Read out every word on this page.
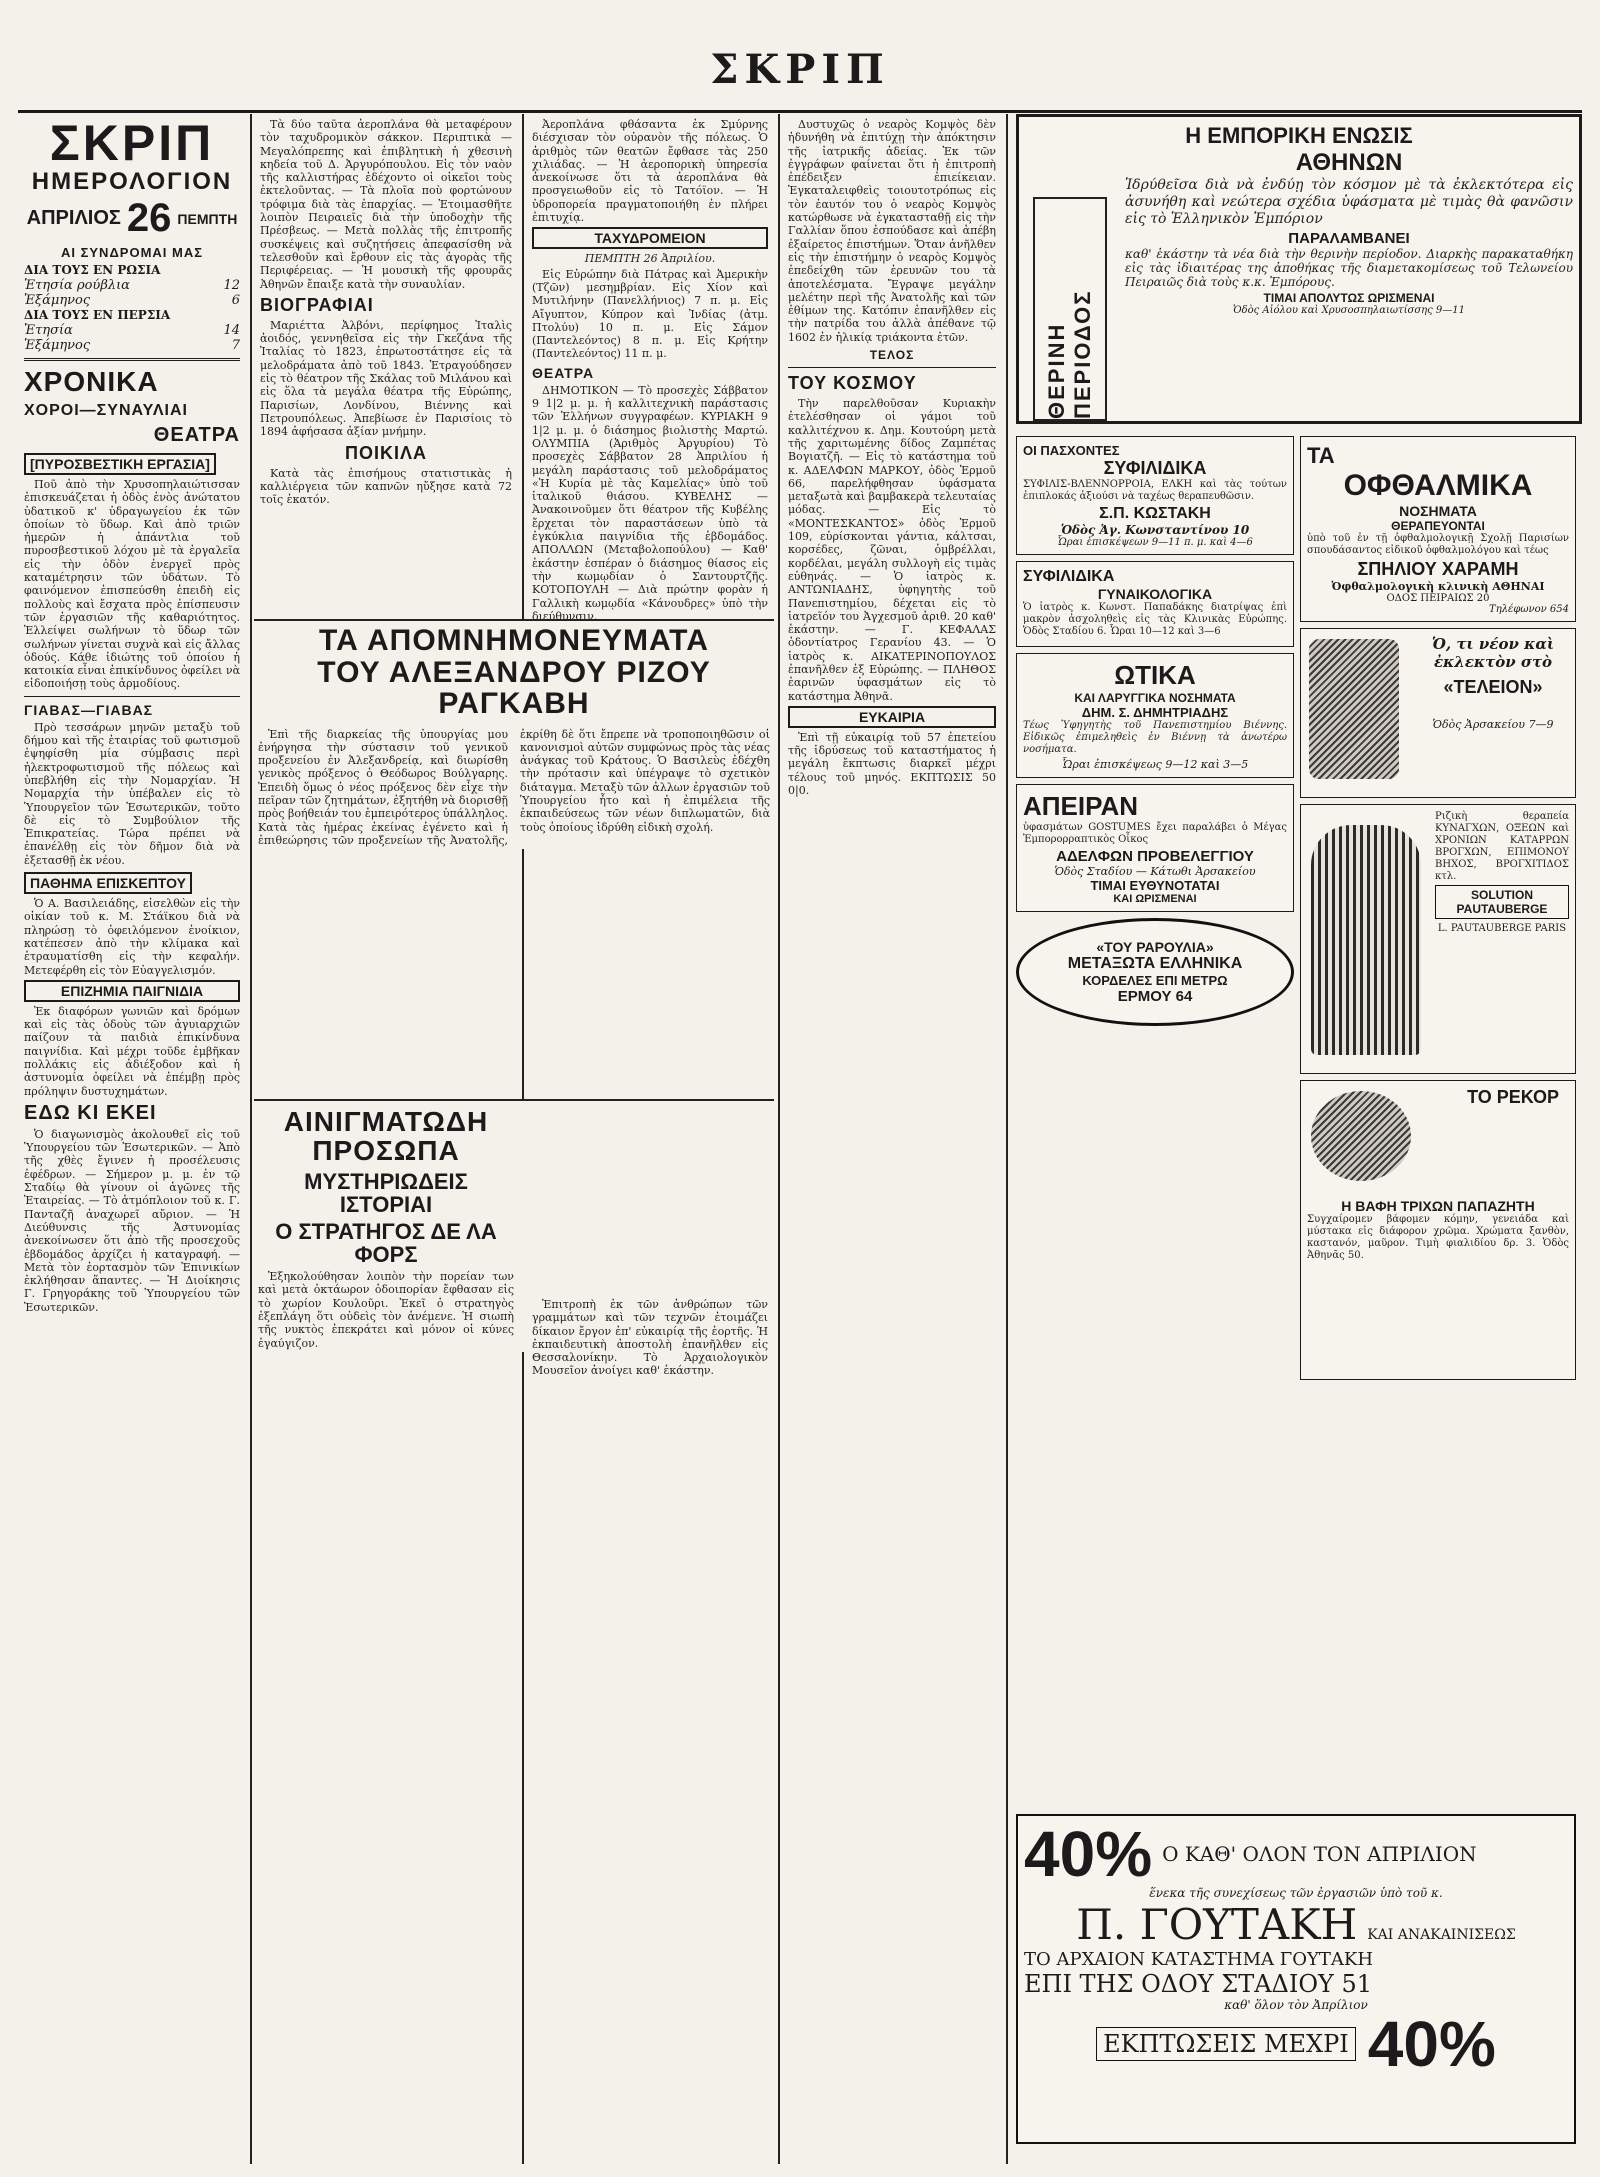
ΣΚΡΙΠ
ΣΚΡΙΠ
ΗΜΕΡΟΛΟΓΙΟΝ
ΑΠΡΙΛΙΟΣ 26 ΠΕΜΠΤΗ
ΑΙ ΣΥΝΔΡΟΜΑΙ ΜΑΣ
ΔΙΑ ΤΟΥΣ ΕΝ ΡΩΣΙΑ
Ἐτησία ρούβλια	12
Ἑξάμηνος	6
ΔΙΑ ΤΟΥΣ ΕΝ ΠΕΡΣΙΑ
Ἐτησία	14
Ἑξάμηνος	7
ΧΡΟΝΙΚΑ
ΧΟΡΟΙ—ΣΥΝΑΥΛΙΑΙ
ΘΕΑΤΡΑ
[ΠΥΡΟΣΒΕΣΤΙΚΗ ΕΡΓΑΣΙΑ]

Ποῦ ἀπὸ τὴν Χρυσοπηλαιώτισσαν ἐπισκευάζεται ἡ ὁδὸς ἑνὸς ἀνώτατου ὑδατικοῦ κ' ὑδραγωγείου ἐκ τῶν ὁποίων τὸ ὕδωρ. Καὶ ἀπὸ τριῶν ἡμερῶν ἡ ἀπάντλια τοῦ πυροσβεστικοῦ λόχου μὲ τὰ ἐργαλεῖα εἰς τὴν ὁδὸν ἐνεργεῖ πρὸς καταμέτρησιν τῶν ὑδάτων. Τὸ φαινόμενον ἐπισπεύσθη ἐπειδὴ εἰς πολλοὺς καὶ ἔσχατα πρὸς ἐπίσπευσιν τῶν ἐργασιῶν τῆς καθαριότητος. Ἐλλείψει σωλήνων τὸ ὕδωρ τῶν σωλήνων γίνεται συχνὰ καὶ εἰς ἄλλας ὁδούς. Κάθε ἰδιώτης τοῦ ὁποίου ἡ κατοικία εἶναι ἐπικίνδυνος ὀφείλει νὰ εἰδοποιήσῃ τοὺς ἁρμοδίους.

ΓΙΑΒΑΣ—ΓΙΑΒΑΣ

Πρὸ τεσσάρων μηνῶν μεταξὺ τοῦ δήμου καὶ τῆς ἑταιρίας τοῦ φωτισμοῦ ἐψηφίσθη μία σύμβασις περὶ ἠλεκτροφωτισμοῦ τῆς πόλεως καὶ ὑπεβλήθη εἰς τὴν Νομαρχίαν. Ἡ Νομαρχία τὴν ὑπέβαλεν εἰς τὸ Ὑπουργεῖον τῶν Ἐσωτερικῶν, τοῦτο δὲ εἰς τὸ Συμβούλιον τῆς Ἐπικρατείας. Τώρα πρέπει νὰ ἐπανέλθῃ εἰς τὸν δῆμον διὰ νὰ ἐξετασθῇ ἐκ νέου.

ΠΑΘΗΜΑ ΕΠΙΣΚΕΠΤΟΥ

Ὁ Α. Βασιλειάδης, εἰσελθὼν εἰς τὴν οἰκίαν τοῦ κ. Μ. Στάϊκου διὰ νὰ πληρώσῃ τὸ ὀφειλόμενον ἐνοίκιον, κατέπεσεν ἀπὸ τὴν κλίμακα καὶ ἐτραυματίσθη εἰς τὴν κεφαλήν. Μετεφέρθη εἰς τὸν Εὐαγγελισμόν.

ΕΠΙΖΗΜΙΑ ΠΑΙΓΝΙΔΙΑ

Ἐκ διαφόρων γωνιῶν καὶ δρόμων καὶ εἰς τὰς ὁδοὺς τῶν ἀγυιαρχιῶν παίζουν τὰ παιδιὰ ἐπικίνδυνα παιγνίδια. Καὶ μέχρι τοῦδε ἐμβῆκαν πολλάκις εἰς ἀδιέξοδον καὶ ἡ ἀστυνομία ὀφείλει νὰ ἐπέμβῃ πρὸς πρόληψιν δυστυχημάτων.

ΕΔΩ ΚΙ ΕΚΕΙ

Ὁ διαγωνισμὸς ἀκολουθεῖ εἰς τοῦ Ὑπουργείου τῶν Ἐσωτερικῶν. — Ἀπὸ τῆς χθὲς ἔγινεν ἡ προσέλευσις ἐφέδρων. — Σήμερον μ. μ. ἐν τῷ Σταδίῳ θὰ γίνουν οἱ ἀγῶνες τῆς Ἐταιρείας. — Τὸ ἀτμόπλοιον τοῦ κ. Γ. Πανταζῆ ἀναχωρεῖ αὔριον. — Ἡ Διεύθυνσις τῆς Ἀστυνομίας ἀνεκοίνωσεν ὅτι ἀπὸ τῆς προσεχοῦς ἑβδομάδος ἀρχίζει ἡ καταγραφή. — Μετὰ τὸν ἐορτασμὸν τῶν Ἐπινικίων ἐκλήθησαν ἅπαντες. — Ἡ Διοίκησις Γ. Γρηγοράκης τοῦ Ὑπουργείου τῶν Ἐσωτερικῶν.

Τὰ δύο ταῦτα ἀεροπλάνα θὰ μεταφέρουν τὸν ταχυδρομικὸν σάκκον. Περιπτικὰ — Μεγαλόπρεπης καὶ ἐπιβλητικὴ ἡ χθεσινὴ κηδεία τοῦ Δ. Ἀργυρόπουλου. Εἰς τὸν ναὸν τῆς καλλιστήρας ἐδέχοντο οἱ οἰκεῖοι τοὺς ἐκτελοῦντας. — Τὰ πλοῖα ποὺ φορτώνουν τρόφιμα διὰ τὰς ἐπαρχίας. — Ἐτοιμασθῆτε λοιπὸν Πειραιεῖς διὰ τὴν ὑποδοχὴν τῆς Πρέσβεως. — Μετὰ πολλὰς τῆς ἐπιτροπῆς συσκέψεις καὶ συζητήσεις ἀπεφασίσθη νὰ τελεσθοῦν καὶ ἔρθουν εἰς τὰς ἀγορὰς τῆς Περιφέρειας. — Ἡ μουσικὴ τῆς φρουρᾶς Ἀθηνῶν ἔπαιξε κατὰ τὴν συναυλίαν.

ΒΙΟΓΡΑΦΙΑΙ

Μαριέττα Ἀλβόνι, περίφημος Ἰταλὶς ἀοιδός, γεννηθεῖσα εἰς τὴν Γκεζάνα τῆς Ἰταλίας τὸ 1823, ἐπρωτοστάτησε εἰς τὰ μελοδράματα ἀπὸ τοῦ 1843. Ἐτραγούδησεν εἰς τὸ θέατρον τῆς Σκάλας τοῦ Μιλάνου καὶ εἰς ὅλα τὰ μεγάλα θέατρα τῆς Εὐρώπης, Παρισίων, Λονδίνου, Βιέννης καὶ Πετρουπόλεως. Ἀπεβίωσε ἐν Παρισίοις τὸ 1894 ἀφήσασα ἀξίαν μνήμην.

ΠΟΙΚΙΛΑ

Κατὰ τὰς ἐπισήμους στατιστικὰς ἡ καλλιέργεια τῶν καπνῶν ηὔξησε κατὰ 72 τοῖς ἑκατόν.

ΤΑ ΑΠΟΜΝΗΜΟΝΕΥΜΑΤΑ
ΤΟΥ ΑΛΕΞΑΝΔΡΟΥ ΡΙΖΟΥ ΡΑΓΚΑΒΗ

Ἐπὶ τῆς διαρκείας τῆς ὑπουργίας μου ἐνήργησα τὴν σύστασιν τοῦ γενικοῦ προξενείου ἐν Ἀλεξανδρείᾳ, καὶ διωρίσθη γενικὸς πρόξενος ὁ Θεόδωρος Βούλγαρης. Ἐπειδὴ ὅμως ὁ νέος πρόξενος δὲν εἶχε τὴν πεῖραν τῶν ζητημάτων, ἐξητήθη νὰ διορισθῇ πρὸς βοήθειάν του ἐμπειρότερος ὑπάλληλος. Κατὰ τὰς ἡμέρας ἐκείνας ἐγένετο καὶ ἡ ἐπιθεώρησις τῶν προξενείων τῆς Ἀνατολῆς, ἐκρίθη δὲ ὅτι ἔπρεπε νὰ τροποποιηθῶσιν οἱ κανονισμοὶ αὐτῶν συμφώνως πρὸς τὰς νέας ἀνάγκας τοῦ Κράτους. Ὁ Βασιλεὺς ἐδέχθη τὴν πρότασιν καὶ ὑπέγραψε τὸ σχετικὸν διάταγμα. Μεταξὺ τῶν ἀλλων ἐργασιῶν τοῦ Ὑπουργείου ἦτο καὶ ἡ ἐπιμέλεια τῆς ἐκπαιδεύσεως τῶν νέων διπλωματῶν, διὰ τοὺς ὁποίους ἱδρύθη εἰδικὴ σχολή.

ΑΙΝΙΓΜΑΤΩΔΗ ΠΡΟΣΩΠΑ
ΜΥΣΤΗΡΙΩΔΕΙΣ ΙΣΤΟΡΙΑΙ
Ο ΣΤΡΑΤΗΓΟΣ ΔΕ ΛΑ ΦΟΡΣ

Ἐξηκολούθησαν λοιπὸν τὴν πορείαν των καὶ μετὰ ὀκτάωρον ὁδοιπορίαν ἔφθασαν εἰς τὸ χωρίον Κουλοῦρι. Ἐκεῖ ὁ στρατηγὸς ἐξεπλάγη ὅτι οὐδεὶς τὸν ἀνέμενε. Ἡ σιωπὴ τῆς νυκτὸς ἐπεκράτει καὶ μόνον οἱ κύνες ἐγαύγιζον.

Ἀεροπλάνα φθάσαντα ἐκ Σμύρνης διέσχισαν τὸν οὐρανὸν τῆς πόλεως. Ὁ ἀριθμὸς τῶν θεατῶν ἔφθασε τὰς 250 χιλιάδας. — Ἡ ἀεροπορικὴ ὑπηρεσία ἀνεκοίνωσε ὅτι τὰ ἀεροπλάνα θὰ προσγειωθοῦν εἰς τὸ Τατόϊον. — Ἡ ὑδροπορεία πραγματοποιήθη ἐν πλήρει ἐπιτυχίᾳ.

ΤΑΧΥΔΡΟΜΕΙΟΝ
ΠΕΜΠΤΗ 26 Ἀπριλίου.

Εἰς Εὐρώπην διὰ Πάτρας καὶ Ἀμερικὴν (Τζῶν) μεσημβρίαν. Εἰς Χίον καὶ Μυτιλήνην (Πανελλήνιος) 7 π. μ. Εἰς Αἴγυπτον, Κύπρον καὶ Ἰνδίας (ἀτμ. Πτολύυ) 10 π. μ. Εἰς Σάμον (Παντελεόντος) 8 π. μ. Εἰς Κρήτην (Παντελεόντος) 11 π. μ.

ΘΕΑΤΡΑ

ΔΗΜΟΤΙΚΟΝ — Τὸ προσεχὲς Σάββατον 9 1|2 μ. μ. ἡ καλλιτεχνικὴ παράστασις τῶν Ἑλλήνων συγγραφέων. ΚΥΡΙΑΚΗ 9 1|2 μ. μ. ὁ διάσημος βιολιστὴς Μαρτώ. ΟΛΥΜΠΙΑ (Ἀριθμὸς Ἀργυρίου) Τὸ προσεχὲς Σάββατον 28 Ἀπριλίου ἡ μεγάλη παράστασις τοῦ μελοδράματος «Ἡ Κυρία μὲ τὰς Καμελίας» ὑπὸ τοῦ ἰταλικοῦ θιάσου. ΚΥΒΕΛΗΣ — Ἀνακοινοῦμεν ὅτι θέατρον τῆς Κυβέλης ἔρχεται τὸν παραστάσεων ὑπὸ τὰ ἐγκύκλια παιγνίδια τῆς ἑβδομάδος. ΑΠΟΛΛΩΝ (Μεταβολοπούλου) — Καθ' ἑκάστην ἑσπέραν ὁ διάσημος θίασος εἰς τὴν κωμῳδίαν ὁ Σαντουρτζῆς. ΚΟΤΟΠΟΥΛΗ — Διὰ πρώτην φορὰν ἡ Γαλλικὴ κωμῳδία «Κάνουδρες» ὑπὸ τὴν διεύθυνσιν.

Ἐπιτροπὴ ἐκ τῶν ἀνθρώπων τῶν γραμμάτων καὶ τῶν τεχνῶν ἐτοιμάζει δίκαιον ἔργον ἐπ' εὐκαιρίᾳ τῆς ἑορτῆς. Ἡ ἐκπαιδευτικὴ ἀποστολὴ ἐπανῆλθεν εἰς Θεσσαλονίκην. Τὸ Ἀρχαιολογικὸν Μουσεῖον ἀνοίγει καθ' ἑκάστην.

Δυστυχῶς ὁ νεαρὸς Κομψὸς δὲν ἠδυνήθη νὰ ἐπιτύχῃ τὴν ἀπόκτησιν τῆς ἰατρικῆς ἀδείας. Ἐκ τῶν ἐγγράφων φαίνεται ὅτι ἡ ἐπιτροπὴ ἐπέδειξεν ἐπιείκειαν. Ἐγκαταλειφθεὶς τοιουτοτρόπως εἰς τὸν ἑαυτόν του ὁ νεαρὸς Κομψὸς κατώρθωσε νὰ ἐγκατασταθῇ εἰς τὴν Γαλλίαν ὅπου ἐσπούδασε καὶ ἀπέβη ἐξαίρετος ἐπιστήμων. Ὅταν ἀνῆλθεν εἰς τὴν ἐπιστήμην ὁ νεαρὸς Κομψὸς ἐπεδείχθη τῶν ἐρευνῶν του τὰ ἀποτελέσματα. Ἔγραψε μεγάλην μελέτην περὶ τῆς Ἀνατολῆς καὶ τῶν ἐθίμων της. Κατόπιν ἐπανῆλθεν εἰς τὴν πατρίδα του ἀλλὰ ἀπέθανε τῷ 1602 ἐν ἡλικίᾳ τριάκοντα ἐτῶν.

ΤΕΛΟΣ
ΤΟΥ ΚΟΣΜΟΥ

Τὴν παρελθοῦσαν Κυριακὴν ἐτελέσθησαν οἱ γάμοι τοῦ καλλιτέχνου κ. Δημ. Κουτούρη μετὰ τῆς χαριτωμένης δίδος Ζαμπέτας Βογιατζῆ. — Εἰς τὸ κατάστημα τοῦ κ. ΑΔΕΛΦΩΝ ΜΑΡΚΟΥ, ὁδὸς Ἑρμοῦ 66, παρελήφθησαν ὑφάσματα μεταξωτὰ καὶ βαμβακερὰ τελευταίας μόδας. — Εἰς τὸ «ΜΟΝΤΕΣΚΑΝΤΟΣ» ὁδὸς Ἑρμοῦ 109, εὑρίσκονται γάντια, κάλτσαι, κορσέδες, ζῶναι, ὀμβρέλλαι, κορδέλαι, μεγάλη συλλογὴ εἰς τιμὰς εὐθηνάς. — Ὁ ἰατρὸς κ. ΑΝΤΩΝΙΑΔΗΣ, ὑφηγητὴς τοῦ Πανεπιστημίου, δέχεται εἰς τὸ ἰατρεῖόν του Ἀγχεσμοῦ ἀριθ. 20 καθ' ἑκάστην. — Γ. ΚΕΦΑΛΑΣ ὁδοντίατρος Γερανίου 43. — Ὁ ἰατρὸς κ. ΑΙΚΑΤΕΡΙΝΟΠΟΥΛΟΣ ἐπανῆλθεν ἐξ Εὐρώπης. — ΠΛΗΘΟΣ ἐαρινῶν ὑφασμάτων εἰς τὸ κατάστημα Ἀθηνᾶ.

ΕΥΚΑΙΡΙΑ

Ἐπὶ τῇ εὐκαιρίᾳ τοῦ 57 ἐπετείου τῆς ἱδρύσεως τοῦ καταστήματος ἡ μεγάλη ἔκπτωσις διαρκεῖ μέχρι τέλους τοῦ μηνός. ΕΚΠΤΩΣΙΣ 50 0|0.

Η ΕΜΠΟΡΙΚΗ ΕΝΩΣΙΣ
ΑΘΗΝΩΝ
ΘΕΡΙΝΗ ΠΕΡΙΟΔΟΣ

Ἱδρύθεῖσα διὰ νὰ ἐνδύῃ τὸν κόσμον μὲ τὰ ἐκλεκτότερα εἰς ἀσυνήθη καὶ νεώτερα σχέδια ὑφάσματα μὲ τιμὰς θὰ φανῶσιν εἰς τὸ Ἑλληνικὸν Ἐμπόριον

ΠΑΡΑΛΑΜΒΑΝΕΙ

καθ' ἑκάστην τὰ νέα διὰ τὴν θερινὴν περίοδον. Διαρκὴς παρακαταθήκη εἰς τὰς ἰδιαιτέρας της ἀποθήκας τῆς διαμετακομίσεως τοῦ Τελωνείου Πειραιῶς διὰ τοὺς κ.κ. Ἐμπόρους.

ΤΙΜΑΙ ΑΠΟΛΥΤΩΣ ΩΡΙΣΜΕΝΑΙ
Ὁδὸς Αἰόλου καὶ Χρυσοσπηλαιωτίσσης 9—11
ΟΙ ΠΑΣΧΟΝΤΕΣ
ΣΥΦΙΛΙΔΙΚΑ

ΣΥΦΙΛΙΣ-ΒΛΕΝΝΟΡΡΟΙΑ, ΕΛΚΗ καὶ τὰς τούτων ἐπιπλοκάς ἀξιούσι νὰ ταχέως θεραπευθῶσιν.

Σ.Π. ΚΩΣΤΑΚΗ
Ὁδὸς Ἁγ. Κωνσταντίνου 10
Ὧραι ἐπισκέψεων 9—11 π. μ. καὶ 4—6
ΣΥΦΙΛΙΔΙΚΑ
ΓΥΝΑΙΚΟΛΟΓΙΚΑ

Ὁ ἰατρὸς κ. Κωνστ. Παπαδάκης διατρίψας ἐπὶ μακρὸν ἀσχοληθεὶς εἰς τὰς Κλινικὰς Εὐρώπης. Ὁδὸς Σταδίου 6. Ὧραι 10—12 καὶ 3—6

ΩΤΙΚΑ
ΚΑΙ ΛΑΡΥΓΓΙΚΑ ΝΟΣΗΜΑΤΑ
ΔΗΜ. Σ. ΔΗΜΗΤΡΙΑΔΗΣ

Τέως Ὑφηγητὴς τοῦ Πανεπιστημίου Βιέννης. Εἰδικῶς ἐπιμεληθεὶς ἐν Βιέννῃ τὰ ἀνωτέρω νοσήματα.

Ὧραι ἐπισκέψεως 9—12 καὶ 3—5
ΑΠΕΙΡΑΝ

ὑφασμάτων GOSTUMES ἔχει παραλάβει ὁ Μέγας Ἐμπορορραπτικὸς Οἶκος

ΑΔΕΛΦΩΝ ΠΡΟΒΕΛΕΓΓΙΟΥ
Ὁδὸς Σταδίου — Κάτωθι Ἀρσακείου
ΤΙΜΑΙ ΕΥΘΥΝΟΤΑΤΑΙ
ΚΑΙ ΩΡΙΣΜΕΝΑΙ
«ΤΟΥ ΡΑΡΟΥΛΙΑ»
ΜΕΤΑΞΩΤΑ ΕΛΛΗΝΙΚΑ
ΚΟΡΔΕΛΕΣ ΕΠΙ ΜΕΤΡΩ
ΕΡΜΟΥ 64
ΤΑ
ΟΦΘΑΛΜΙΚΑ
ΝΟΣΗΜΑΤΑ
ΘΕΡΑΠΕΥΟΝΤΑΙ

ὑπὸ τοῦ ἐν τῇ ὀφθαλμολογικῇ Σχολῇ Παρισίων σπουδάσαντος εἰδικοῦ ὀφθαλμολόγου καὶ τέως

ΣΠΗΛΙΟΥ ΧΑΡΑΜΗ
Ὀφθαλμολογικὴ κλινικὴ ΑΘΗΝΑΙ
ΟΔΟΣ ΠΕΙΡΑΙΩΣ 20
Τηλέφωνον 654
Ὁ, τι νέον καὶ ἐκλεκτὸν στὸ
«ΤΕΛΕΙΟΝ»
Ὁδὸς Ἀρσακείου 7—9

Ριζικὴ θεραπεία ΚΥΝΑΓΧΩΝ, ΟΞΕΩΝ καὶ ΧΡΟΝΙΩΝ ΚΑΤΑΡΡΩΝ ΒΡΟΓΧΩΝ, ΕΠΙΜΟΝΟΥ ΒΗΧΟΣ, ΒΡΟΓΧΙΤΙΔΟΣ κτλ.

SOLUTION PAUTAUBERGE
L. PAUTAUBERGE PARIS
ΤΟ ΡΕΚΟΡ
Η ΒΑΦΗ ΤΡΙΧΩΝ ΠΑΠΑΖΗΤΗ

Συγχαίρομεν βάφομεν κόμην, γενειάδα καὶ μύστακα εἰς διάφορον χρῶμα. Χρώματα ξανθὸν, καστανόν, μαῦρον. Τιμὴ φιαλιδίου δρ. 3. Ὁδὸς Ἀθηνᾶς 50.

40% Ο ΚΑΘ' ΟΛΟΝ ΤΟΝ ΑΠΡΙΛΙΟΝ
ἕνεκα τῆς συνεχίσεως τῶν ἐργασιῶν ὑπὸ τοῦ κ.
Π. ΓΟΥΤΑΚΗ ΚΑΙ ΑΝΑΚΑΙΝΙΣΕΩΣ
ΤΟ ΑΡΧΑΙΟΝ ΚΑΤΑΣΤΗΜΑ ΓΟΥΤΑΚΗ
ΕΠΙ ΤΗΣ ΟΔΟΥ ΣΤΑΔΙΟΥ 51
καθ' ὅλον τὸν Ἀπρίλιον
ΕΚΠΤΩΣΕΙΣ ΜΕΧΡΙ 40%
